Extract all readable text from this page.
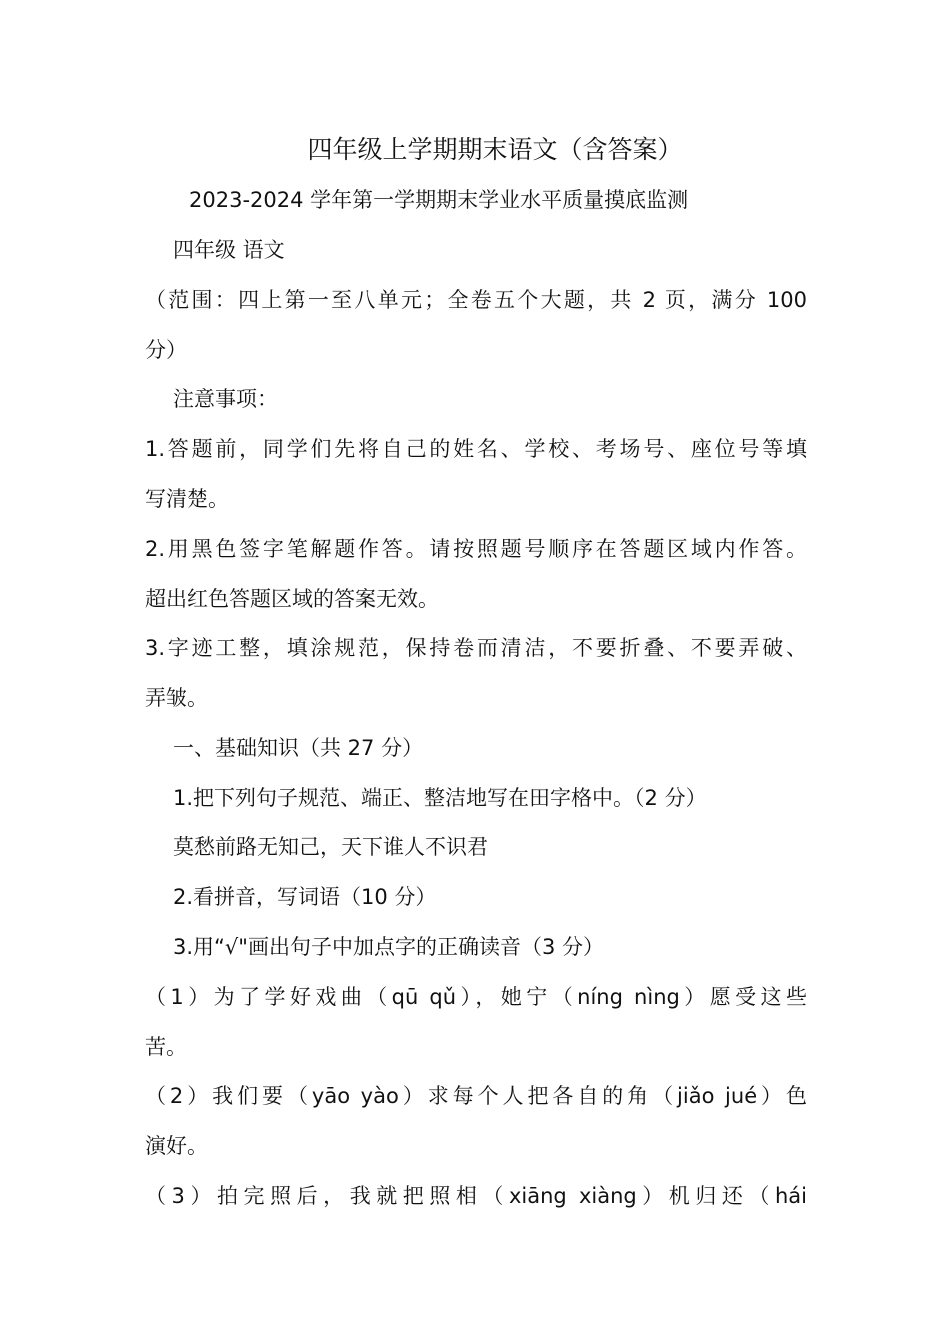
四年级上学期期末语文（含答案）
2023-2024 学年第一学期期末学业水平质量摸底监测
四年级 语文
（范围：四上第一至八单元；全卷五个大题，共 2 页，满分 100
分）
注意事项：
1.答题前，同学们先将自己的姓名、学校、考场号、座位号等填
写清楚。
2.用黑色签字笔解题作答。请按照题号顺序在答题区域内作答。
超出红色答题区域的答案无效。
3.字迹工整，填涂规范，保持卷而清洁，不要折叠、不要弄破、
弄皱。
一、基础知识（共 27 分）
1.把下列句子规范、端正、整洁地写在田字格中。（2 分）
莫愁前路无知己，天下谁人不识君
2.看拼音，写词语（10 分）
3.用“√"画出句子中加点字的正确读音（3 分）
（1）为了学好戏曲（qū qǔ），她宁（níng nìng）愿受这些
苦。
（2）我们要（yāo yào）求每个人把各自的角（jiǎo jué）色
演好。
（3）拍完照后，我就把照相（xiāng xiàng）机归还（hái
